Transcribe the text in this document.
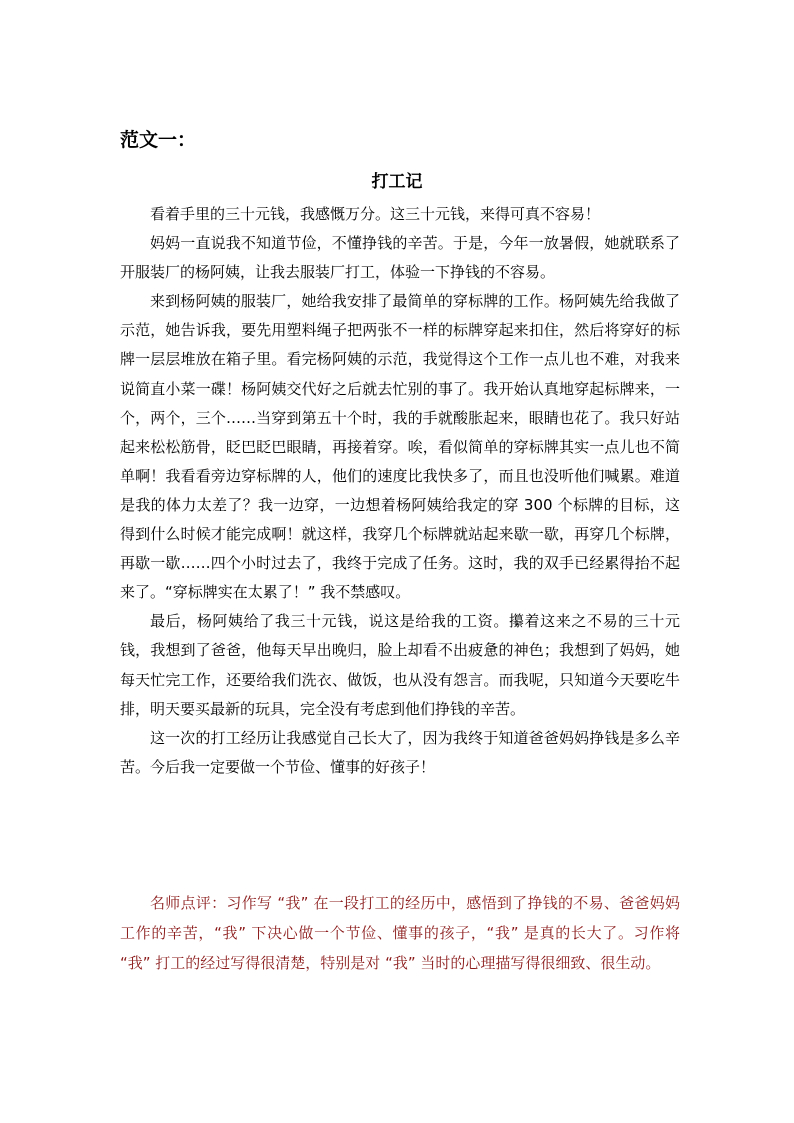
范文一：
打工记

看着手里的三十元钱，我感慨万分。这三十元钱，来得可真不容易！

妈妈一直说我不知道节俭，不懂挣钱的辛苦。于是，今年一放暑假，她就联系了开服装厂的杨阿姨，让我去服装厂打工，体验一下挣钱的不容易。

来到杨阿姨的服装厂，她给我安排了最简单的穿标牌的工作。杨阿姨先给我做了示范，她告诉我，要先用塑料绳子把两张不一样的标牌穿起来扣住，然后将穿好的标牌一层层堆放在箱子里。看完杨阿姨的示范，我觉得这个工作一点儿也不难，对我来说简直小菜一碟！杨阿姨交代好之后就去忙别的事了。我开始认真地穿起标牌来，一个，两个，三个……当穿到第五十个时，我的手就酸胀起来，眼睛也花了。我只好站起来松松筋骨，眨巴眨巴眼睛，再接着穿。唉，看似简单的穿标牌其实一点儿也不简单啊！我看看旁边穿标牌的人，他们的速度比我快多了，而且也没听他们喊累。难道是我的体力太差了？我一边穿，一边想着杨阿姨给我定的穿 300 个标牌的目标，这得到什么时候才能完成啊！就这样，我穿几个标牌就站起来歇一歇，再穿几个标牌，再歇一歇……四个小时过去了，我终于完成了任务。这时，我的双手已经累得抬不起来了。“穿标牌实在太累了！” 我不禁感叹。

最后，杨阿姨给了我三十元钱，说这是给我的工资。攥着这来之不易的三十元钱，我想到了爸爸，他每天早出晚归，脸上却看不出疲惫的神色；我想到了妈妈，她每天忙完工作，还要给我们洗衣、做饭，也从没有怨言。而我呢，只知道今天要吃牛排，明天要买最新的玩具，完全没有考虑到他们挣钱的辛苦。

这一次的打工经历让我感觉自己长大了，因为我终于知道爸爸妈妈挣钱是多么辛苦。今后我一定要做一个节俭、懂事的好孩子！

名师点评：习作写 “我” 在一段打工的经历中，感悟到了挣钱的不易、爸爸妈妈工作的辛苦，“我” 下决心做一个节俭、懂事的孩子，“我” 是真的长大了。习作将 “我” 打工的经过写得很清楚，特别是对 “我” 当时的心理描写得很细致、很生动。
